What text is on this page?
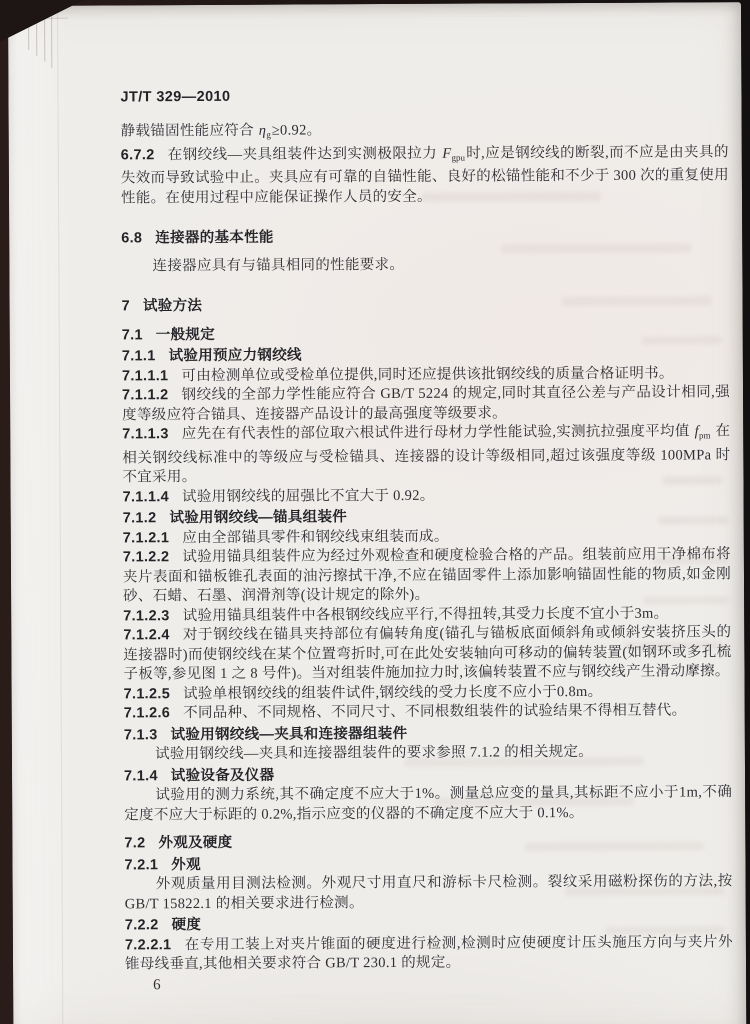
JT/T 329—2010

静载锚固性能应符合 $\eta_g\ge 0.92$。

6.7.2 在钢绞线—夹具组装件达到实测极限拉力 $F_{gpu}$时,应是钢绞线的断裂,而不应是由夹具的失效而导致试验中止。夹具应有可靠的自锚性能、良好的松锚性能和不少于 300 次的重复使用性能。在使用过程中应能保证操作人员的安全。

6.8 连接器的基本性能

连接器应具有与锚具相同的性能要求。

7 试验方法

7.1 一般规定

7.1.1 试验用预应力钢绞线

7.1.1.1 可由检测单位或受检单位提供,同时还应提供该批钢绞线的质量合格证明书。

7.1.1.2 钢绞线的全部力学性能应符合 GB/T 5224 的规定,同时其直径公差与产品设计相同,强度等级应符合锚具、连接器产品设计的最高强度等级要求。

7.1.1.3 应先在有代表性的部位取六根试件进行母材力学性能试验,实测抗拉强度平均值 $f_{pm}$ 在相关钢绞线标准中的等级应与受检锚具、连接器的设计等级相同,超过该强度等级 100MPa 时不宜采用。

7.1.1.4 试验用钢绞线的屈强比不宜大于 0.92。

7.1.2 试验用钢绞线—锚具组装件

7.1.2.1 应由全部锚具零件和钢绞线束组装而成。

7.1.2.2 试验用锚具组装件应为经过外观检查和硬度检验合格的产品。组装前应用干净棉布将夹片表面和锚板锥孔表面的油污擦拭干净,不应在锚固零件上添加影响锚固性能的物质,如金刚砂、石蜡、石墨、润滑剂等(设计规定的除外)。

7.1.2.3 试验用锚具组装件中各根钢绞线应平行,不得扭转,其受力长度不宜小于3m。

7.1.2.4 对于钢绞线在锚具夹持部位有偏转角度(锚孔与锚板底面倾斜角或倾斜安装挤压头的连接器时)而使钢绞线在某个位置弯折时,可在此处安装轴向可移动的偏转装置(如钢环或多孔梳子板等,参见图 1 之 8 号件)。当对组装件施加拉力时,该偏转装置不应与钢绞线产生滑动摩擦。

7.1.2.5 试验单根钢绞线的组装件试件,钢绞线的受力长度不应小于0.8m。

7.1.2.6 不同品种、不同规格、不同尺寸、不同根数组装件的试验结果不得相互替代。

7.1.3 试验用钢绞线—夹具和连接器组装件

试验用钢绞线—夹具和连接器组装件的要求参照 7.1.2 的相关规定。

7.1.4 试验设备及仪器

试验用的测力系统,其不确定度不应大于1%。测量总应变的量具,其标距不应小于1m,不确定度不应大于标距的 0.2%,指示应变的仪器的不确定度不应大于 0.1%。

7.2 外观及硬度

7.2.1 外观

外观质量用目测法检测。外观尺寸用直尺和游标卡尺检测。裂纹采用磁粉探伤的方法,按 GB/T 15822.1 的相关要求进行检测。

7.2.2 硬度

7.2.2.1 在专用工装上对夹片锥面的硬度进行检测,检测时应使硬度计压头施压方向与夹片外锥母线垂直,其他相关要求符合 GB/T 230.1 的规定。

6
